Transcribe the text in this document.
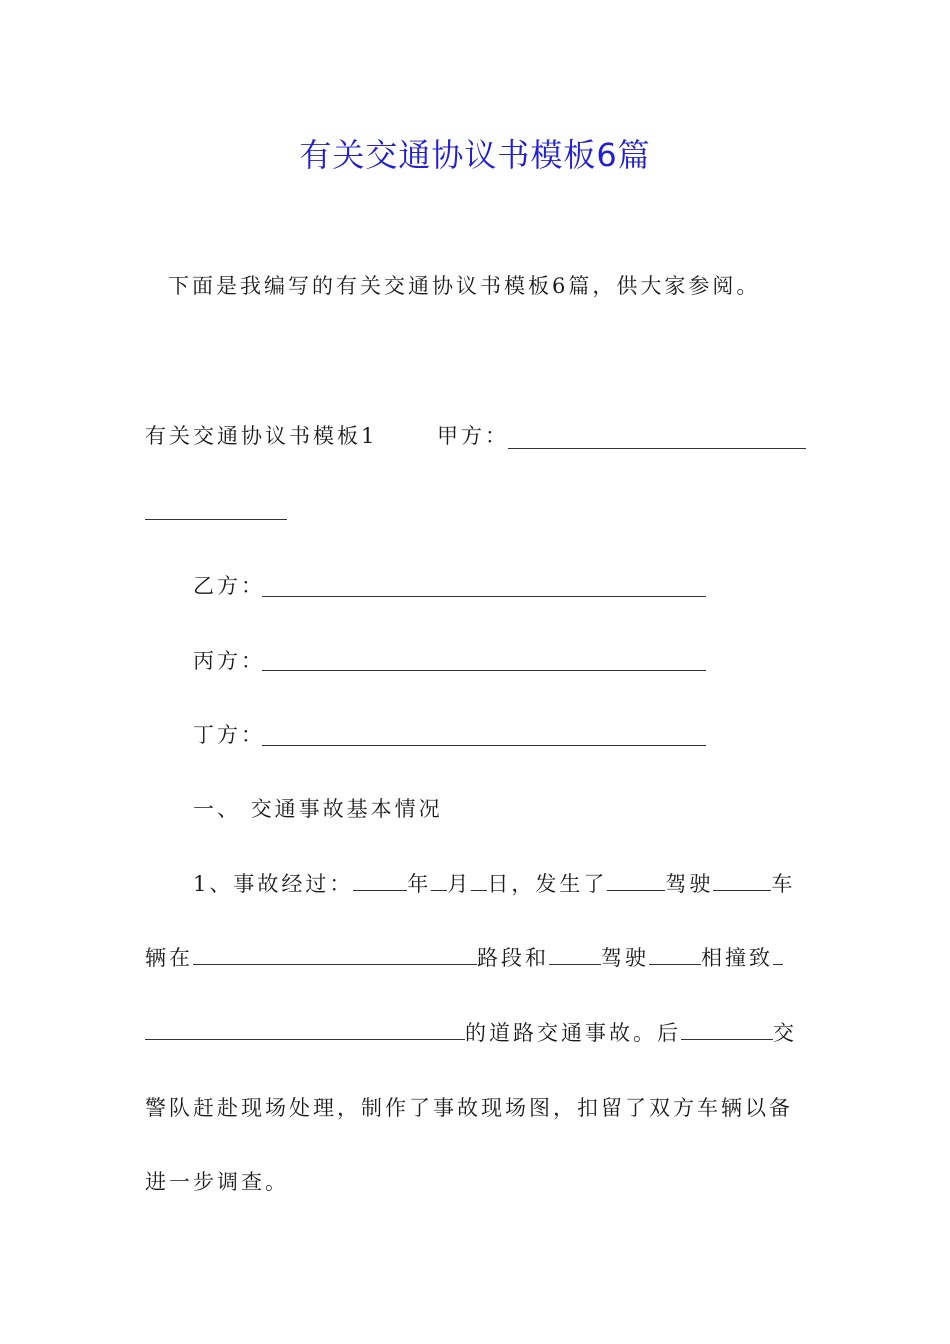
有关交通协议书模板6篇
下面是我编写的有关交通协议书模板6篇，供大家参阅。
有关交通协议书模板1	甲方：
乙方：
丙方：
丁方：
一、 交通事故基本情况
1、事故经过：	年 月 日，发生了	驾驶	车
辆在	路段和 驾驶 相撞致
的道路交通事故。后	交
警队赶赴现场处理，制作了事故现场图，扣留了双方车辆以备
进一步调查。
